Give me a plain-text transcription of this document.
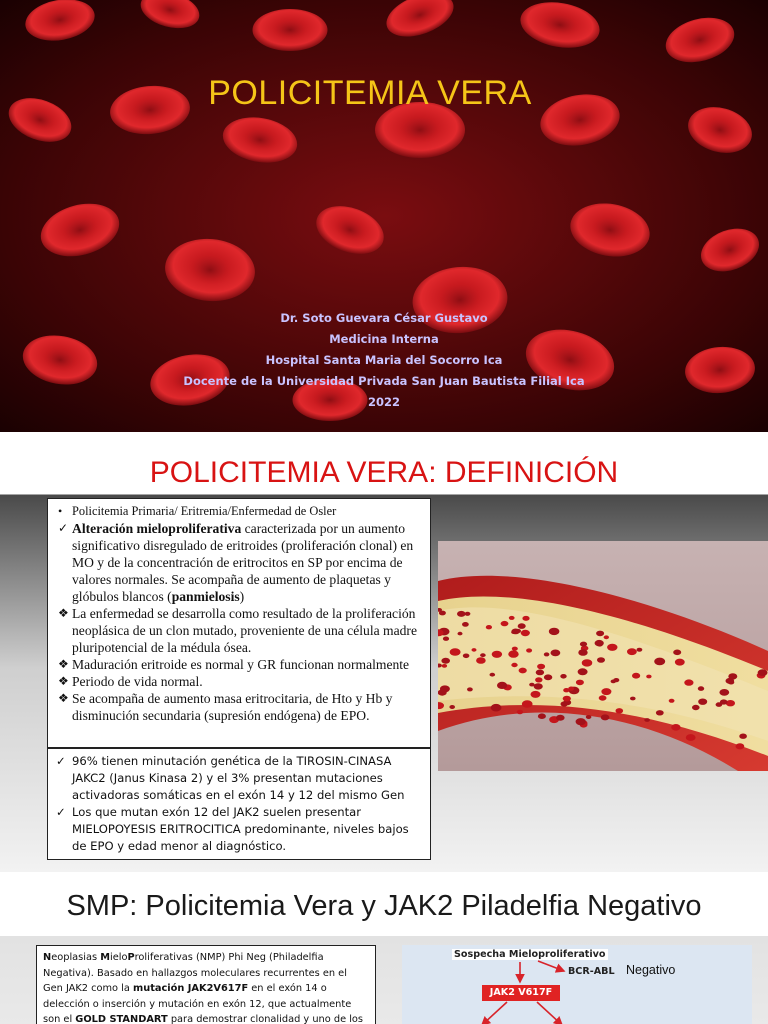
POLICITEMIA VERA
Dr. Soto Guevara César Gustavo
Medicina Interna
Hospital Santa Maria del Socorro Ica
Docente de la Universidad Privada San Juan Bautista Filial Ica
2022
POLICITEMIA VERA: DEFINICIÓN
• Policitemia Primaria/ Eritremia/Enfermedad de Osler
✓ Alteración mieloproliferativa caracterizada por un aumento significativo disregulado de eritroides (proliferación clonal) en MO y de la concentración de eritrocitos en SP por encima de valores normales. Se acompaña de aumento de plaquetas y glóbulos blancos (panmielosis)
❖ La enfermedad se desarrolla como resultado de la proliferación neoplásica de un clon mutado, proveniente de una célula madre pluripotencial de la médula ósea.
❖ Maduración eritroide es normal y GR funcionan normalmente
❖ Periodo de vida normal.
❖ Se acompaña de aumento masa eritrocitaria, de Hto y Hb y disminución secundaria (supresión endógena) de EPO.
✓ 96% tienen minutación genética de la TIROSIN-CINASA JAKC2 (Janus Kinasa 2) y el 3% presentan mutaciones activadoras somáticas en el exón 14 y 12 del mismo Gen
✓ Los que mutan exón 12 del JAK2 suelen presentar MIELOPOYESIS ERITROCITICA predominante, niveles bajos de EPO y edad menor al diagnóstico.
SMP: Policitemia Vera y JAK2 Piladelfia Negativo
Neoplasias MieloProliferativas (NMP) Phi Neg (Philadelfia Negativa). Basado en hallazgos moleculares recurrentes en el Gen JAK2 como la mutación JAK2V617F en el exón 14 o delección o inserción y mutación en exón 12, que actualmente son el GOLD STANDART para demostrar clonalidad y uno de los
Sospecha Mieloproliferativo
BCR-ABL Negativo
JAK2 V617F
